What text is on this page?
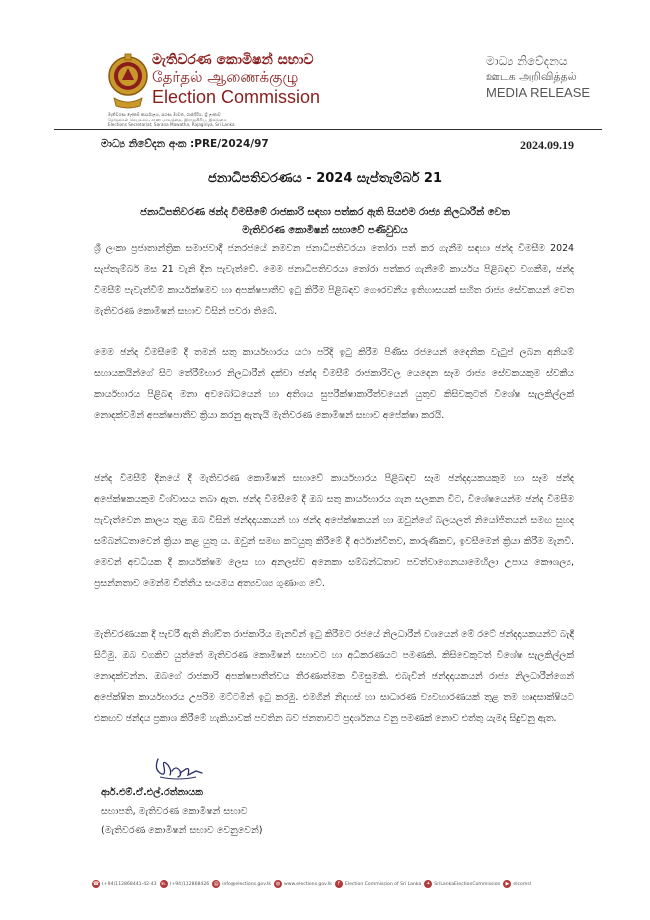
මැතිවරණ කොමිෂන් සභාව
தேர்தல் ஆணைக்குழு
Election Commission
මැතිවරණ ලේකම් කාර්යාලය, සරණ මාවත, රාජගිරිය, ශ්‍රී ලංකාව
தேர்தல்கள் செயலகம், சரண மாவத்தை, இராஜகிரிய, இலங்கை
Elections Secretariat, Sarana Mawatha, Rajagiriya, Sri Lanka
මාධ්‍ය නිවේදනය
ஊடக அறிவித்தல்
MEDIA RELEASE
මාධ්‍ය නිවේදන අංක :PRE/2024/97	2024.09.19
ජනාධිපතිවරණය - 2024 සැප්තැම්බර් 21
ජනාධිපතිවරණ ඡන්ද විමසීමේ රාජකාරි සඳහා පත්කර ඇති සියළුම රාජ්‍ය නිලධාරීන් වෙත
මැතිවරණ කොමිෂන් සභාවේ පණිවුඩය
ශ්‍රී ලංකා ප්‍රජාතාන්ත්‍රික සමාජවාදී ජනරජයේ නමවන ජනාධිපතිවරයා තෝරා පත් කර ගැනීම සඳහා ඡන්ද විමසීම 2024 සැප්තැම්බර් මස 21 වැනි දින පැවැත්වේ. මෙම ජනාධිපතිවරයා තෝරා පත්කර ගැනීමේ කාර්යය පිළිබඳව වගකීම, ඡන්ද විමසීම් පැවැත්වීම් කාර්යක්ෂමව හා අපක්ෂපාතීව ඉටු කිරීම පිළිබඳව ගෞරවනීය ඉතිහාසයක් සහිත රාජ්‍ය සේවකයන් වෙත මැතිවරණ කොමිෂන් සභාව විසින් පවරා තිබේ.
මෙම ඡන්ද විමසීමේ දී තමන් සතු කාර්යභාරය යථා පරිදි ඉටු කිරීම පිණිස රජයෙන් දෛනික වැටුප් ලබන අනියම් සහායකයින්ගේ සිට තේරීම්භාර නිලධාරීන් දක්වා ඡන්ද විමසීම් රාජකාරිවල යෙදෙන සෑම රාජ්‍ය සේවකයකුම ස්වකීය කාර්යභාරය පිළිබඳ මනා අවබෝධයෙන් හා අතිශය සුපරීක්ෂාකාරීත්වයෙන් යුතුව කිසිවකුටත් විශේෂ සැලකිල්ලක් නොදක්වමින් අපක්ෂපාතීව ක්‍රියා කරනු ඇතැයි මැතිවරණ කොමිෂන් සභාව අපේක්ෂා කරයි.
ඡන්ද විමසීම් දිනයේ දී මැතිවරණ කොමිෂන් සභාවේ කාර්යභාරය පිළිබඳව සෑම ඡන්දදායකයකුම හා සෑම ඡන්ද අපේක්ෂකයකුම විශ්වාසය තබා ඇත. ඡන්ද විමසීමේ දී ඔබ සතු කාර්යභාරය ගැන සලකන විට, විශේෂයෙන්ම ඡන්ද විමසීම පැවැත්වෙන කාලය තුළ ඔබ විසින් ඡන්දදායකයන් හා ඡන්ද අපේක්ෂකයන් හා ඔවුන්ගේ බලයලත් නියෝජිතයන් සමඟ සුහද සම්බන්ධතාවෙන් ක්‍රියා කළ යුතු ය. ඔවුන් සමඟ කටයුතු කිරීමේ දී අර්ථාන්විතව, කාරුණිකව, ඉවසීමෙන් ක්‍රියා කිරීම මැනවී. මෙවන් අවධියක දී කාර්යක්ෂම ලෙස හා අනලස්ව අනෙකා සම්බන්ධතාව පවත්වාගෙනයාමෙහිලා උපාය කෞශල්‍ය, ප්‍රසන්නතාව මෙන්ම චිත්තීය සංයමය අත්‍යවශ්‍ය ගුණාංග වේ.
මැතිවරණයක දී පැවරී ඇති නිශ්චිත රාජකාරිය මැනවින් ඉටු කිරීමට රජයේ නිලධාරීන් වශයෙන් මේ රටේ ඡන්දදායකයන්ට බැඳී සිටිමු. ඔබ වගකිව යුත්තේ මැතිවරණ කොමිෂන් සභාවට හා අධිකරණයට පමණකි. කිසිවෙකුටත් විශේෂ සැලකිල්ලක් නොදක්වන්න. ඔබගේ රාජකාරි අපක්ෂපාතීත්වය තීරණාත්මක විමසුමකි. එබැවින් ඡන්දදායකයන් රාජ්‍ය නිලධාරීන්ගෙන් අපේක්ෂිත කාර්යභාරය උපරිම මට්ටමින් ඉටු කරමු. එමගින් නිදහස් හා සාධාරණ ව්‍යවහාරණයක් තුළ තම හෘදසාක්ෂියට එකඟව ඡන්දය ප්‍රකාශ කිරීමේ හැකියාවක් පවතින බව ජනතාවට ප්‍රදර්ශනය වනු පමණක් නොව එත්තු යැමද සිදුවනු ඇත.
ආර්.එම්.ඒ.එල්.රත්නායක
සභාපති, මැතිවරණ කොමිෂන් සභාව
(මැතිවරණ කොමිෂන් සභාව වෙනුවෙන්)
☎ (+94)112868441-42-43 ℡ (+94)112868426 @ info@elections.gov.lk ◍ www.elections.gov.lk	f	Election Commission of Sri Lanka ✦ SriLankaElectionCommission	▶ elcomsl
